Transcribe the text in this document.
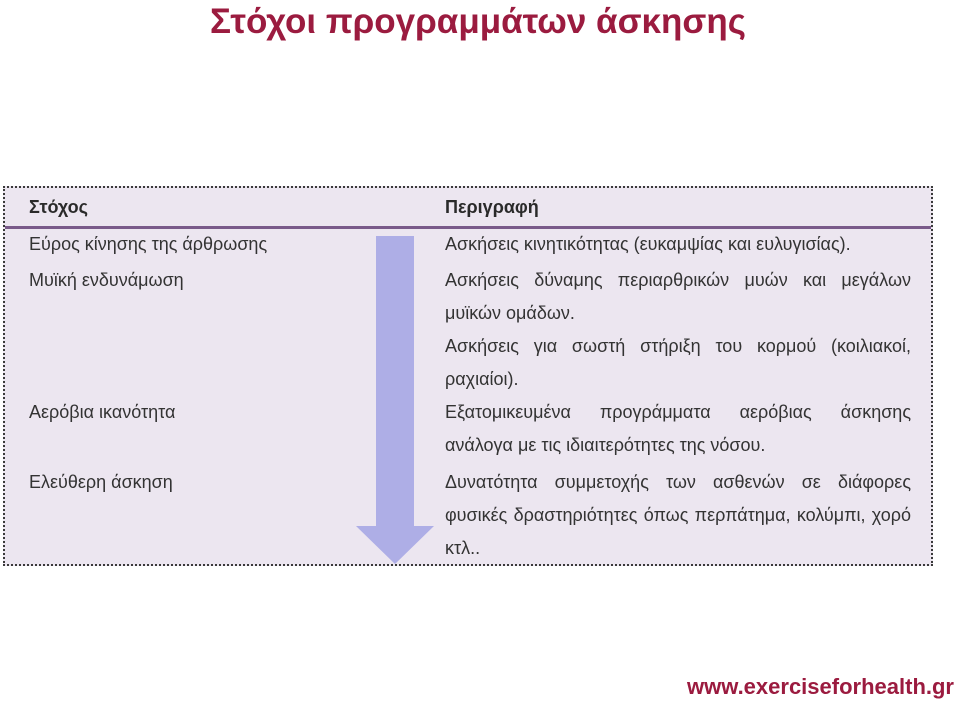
Στόχοι προγραμμάτων άσκησης
Στόχος	Περιγραφή
Εύρος κίνησης της άρθρωσης	Ασκήσεις κινητικότητας (ευκαμψίας και ευλυγισίας).
Μυϊκή ενδυνάμωση	Ασκήσεις δύναμης περιαρθρικών μυών και μεγάλων μυϊκών ομάδων.
Ασκήσεις για σωστή στήριξη του κορμού (κοιλιακοί, ραχιαίοι).
Αερόβια ικανότητα	Εξατομικευμένα προγράμματα αερόβιας άσκησης ανάλογα με τις ιδιαιτερότητες της νόσου.
Ελεύθερη άσκηση	Δυνατότητα συμμετοχής των ασθενών σε διάφορες φυσικές δραστηριότητες όπως περπάτημα, κολύμπι, χορό κτλ..
www.exerciseforhealth.gr
